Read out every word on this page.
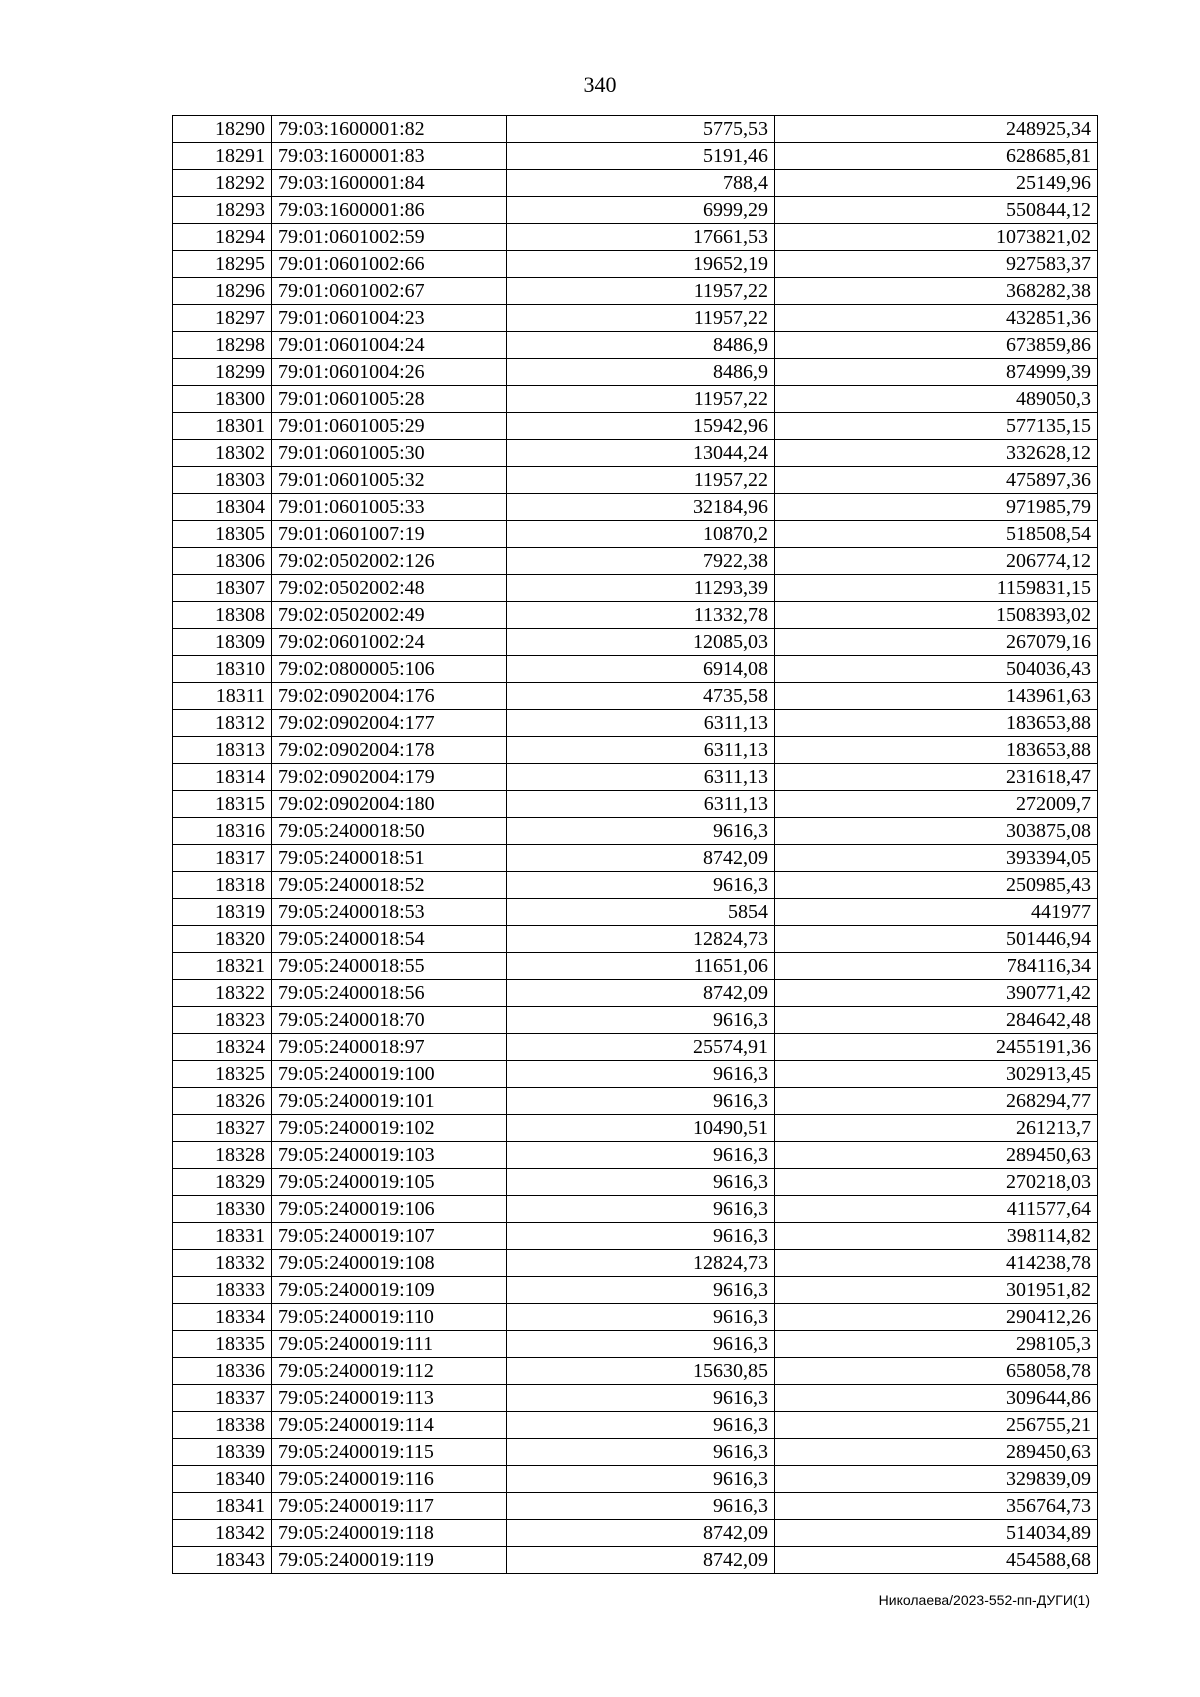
340
18290	79:03:1600001:82	5775,53	248925,34
18291	79:03:1600001:83	5191,46	628685,81
18292	79:03:1600001:84	788,4	25149,96
18293	79:03:1600001:86	6999,29	550844,12
18294	79:01:0601002:59	17661,53	1073821,02
18295	79:01:0601002:66	19652,19	927583,37
18296	79:01:0601002:67	11957,22	368282,38
18297	79:01:0601004:23	11957,22	432851,36
18298	79:01:0601004:24	8486,9	673859,86
18299	79:01:0601004:26	8486,9	874999,39
18300	79:01:0601005:28	11957,22	489050,3
18301	79:01:0601005:29	15942,96	577135,15
18302	79:01:0601005:30	13044,24	332628,12
18303	79:01:0601005:32	11957,22	475897,36
18304	79:01:0601005:33	32184,96	971985,79
18305	79:01:0601007:19	10870,2	518508,54
18306	79:02:0502002:126	7922,38	206774,12
18307	79:02:0502002:48	11293,39	1159831,15
18308	79:02:0502002:49	11332,78	1508393,02
18309	79:02:0601002:24	12085,03	267079,16
18310	79:02:0800005:106	6914,08	504036,43
18311	79:02:0902004:176	4735,58	143961,63
18312	79:02:0902004:177	6311,13	183653,88
18313	79:02:0902004:178	6311,13	183653,88
18314	79:02:0902004:179	6311,13	231618,47
18315	79:02:0902004:180	6311,13	272009,7
18316	79:05:2400018:50	9616,3	303875,08
18317	79:05:2400018:51	8742,09	393394,05
18318	79:05:2400018:52	9616,3	250985,43
18319	79:05:2400018:53	5854	441977
18320	79:05:2400018:54	12824,73	501446,94
18321	79:05:2400018:55	11651,06	784116,34
18322	79:05:2400018:56	8742,09	390771,42
18323	79:05:2400018:70	9616,3	284642,48
18324	79:05:2400018:97	25574,91	2455191,36
18325	79:05:2400019:100	9616,3	302913,45
18326	79:05:2400019:101	9616,3	268294,77
18327	79:05:2400019:102	10490,51	261213,7
18328	79:05:2400019:103	9616,3	289450,63
18329	79:05:2400019:105	9616,3	270218,03
18330	79:05:2400019:106	9616,3	411577,64
18331	79:05:2400019:107	9616,3	398114,82
18332	79:05:2400019:108	12824,73	414238,78
18333	79:05:2400019:109	9616,3	301951,82
18334	79:05:2400019:110	9616,3	290412,26
18335	79:05:2400019:111	9616,3	298105,3
18336	79:05:2400019:112	15630,85	658058,78
18337	79:05:2400019:113	9616,3	309644,86
18338	79:05:2400019:114	9616,3	256755,21
18339	79:05:2400019:115	9616,3	289450,63
18340	79:05:2400019:116	9616,3	329839,09
18341	79:05:2400019:117	9616,3	356764,73
18342	79:05:2400019:118	8742,09	514034,89
18343	79:05:2400019:119	8742,09	454588,68
Николаева/2023-552-пп-ДУГИ(1)
